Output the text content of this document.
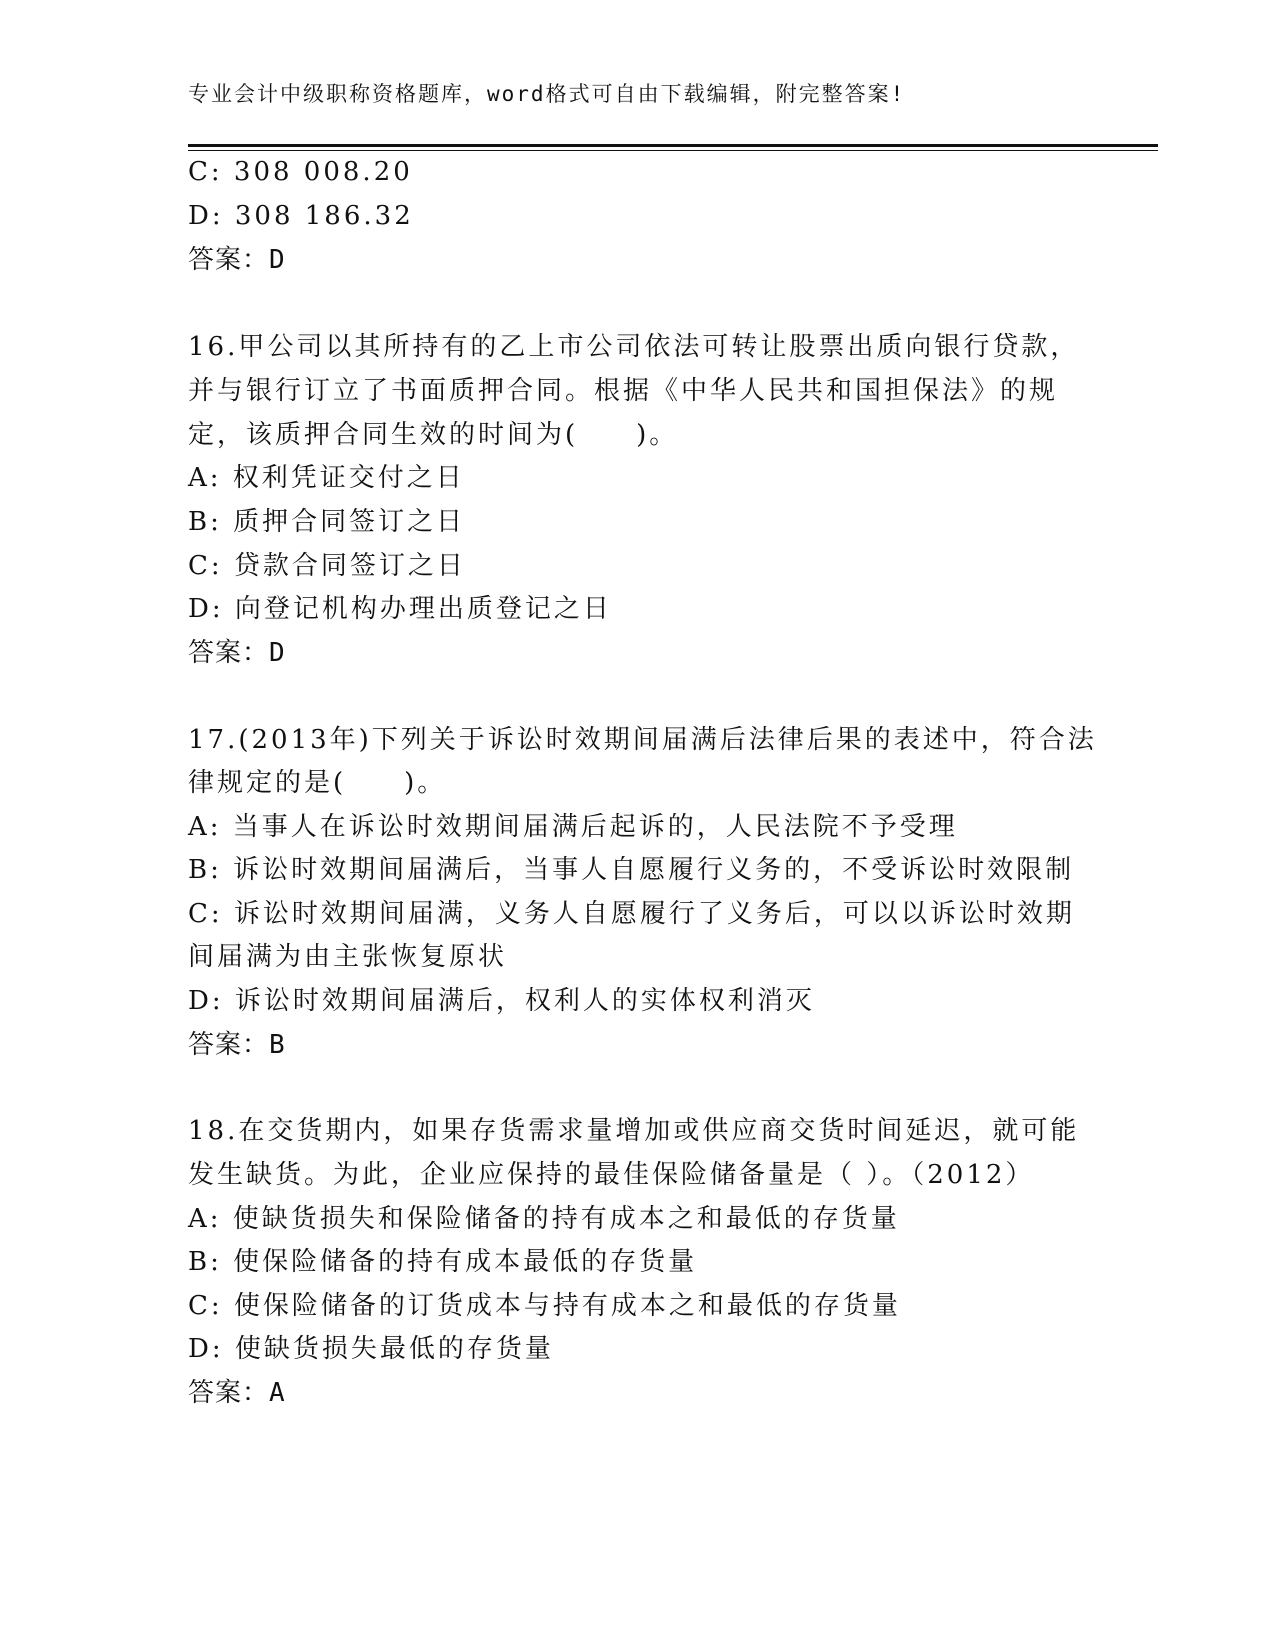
专业会计中级职称资格题库，word格式可自由下载编辑，附完整答案!
C: 308 008.20
D: 308 186.32
答案：D
16.甲公司以其所持有的乙上市公司依法可转让股票出质向银行贷款，
并与银行订立了书面质押合同。根据《中华人民共和国担保法》的规
定，该质押合同生效的时间为(　　)。
A: 权利凭证交付之日
B: 质押合同签订之日
C: 贷款合同签订之日
D: 向登记机构办理出质登记之日
答案：D
17.(2013年)下列关于诉讼时效期间届满后法律后果的表述中，符合法
律规定的是(　　)。
A: 当事人在诉讼时效期间届满后起诉的，人民法院不予受理
B: 诉讼时效期间届满后，当事人自愿履行义务的，不受诉讼时效限制
C: 诉讼时效期间届满，义务人自愿履行了义务后，可以以诉讼时效期
间届满为由主张恢复原状
D: 诉讼时效期间届满后，权利人的实体权利消灭
答案：B
18.在交货期内，如果存货需求量增加或供应商交货时间延迟，就可能
发生缺货。为此，企业应保持的最佳保险储备量是（ ）。（2012）
A: 使缺货损失和保险储备的持有成本之和最低的存货量
B: 使保险储备的持有成本最低的存货量
C: 使保险储备的订货成本与持有成本之和最低的存货量
D: 使缺货损失最低的存货量
答案：A
